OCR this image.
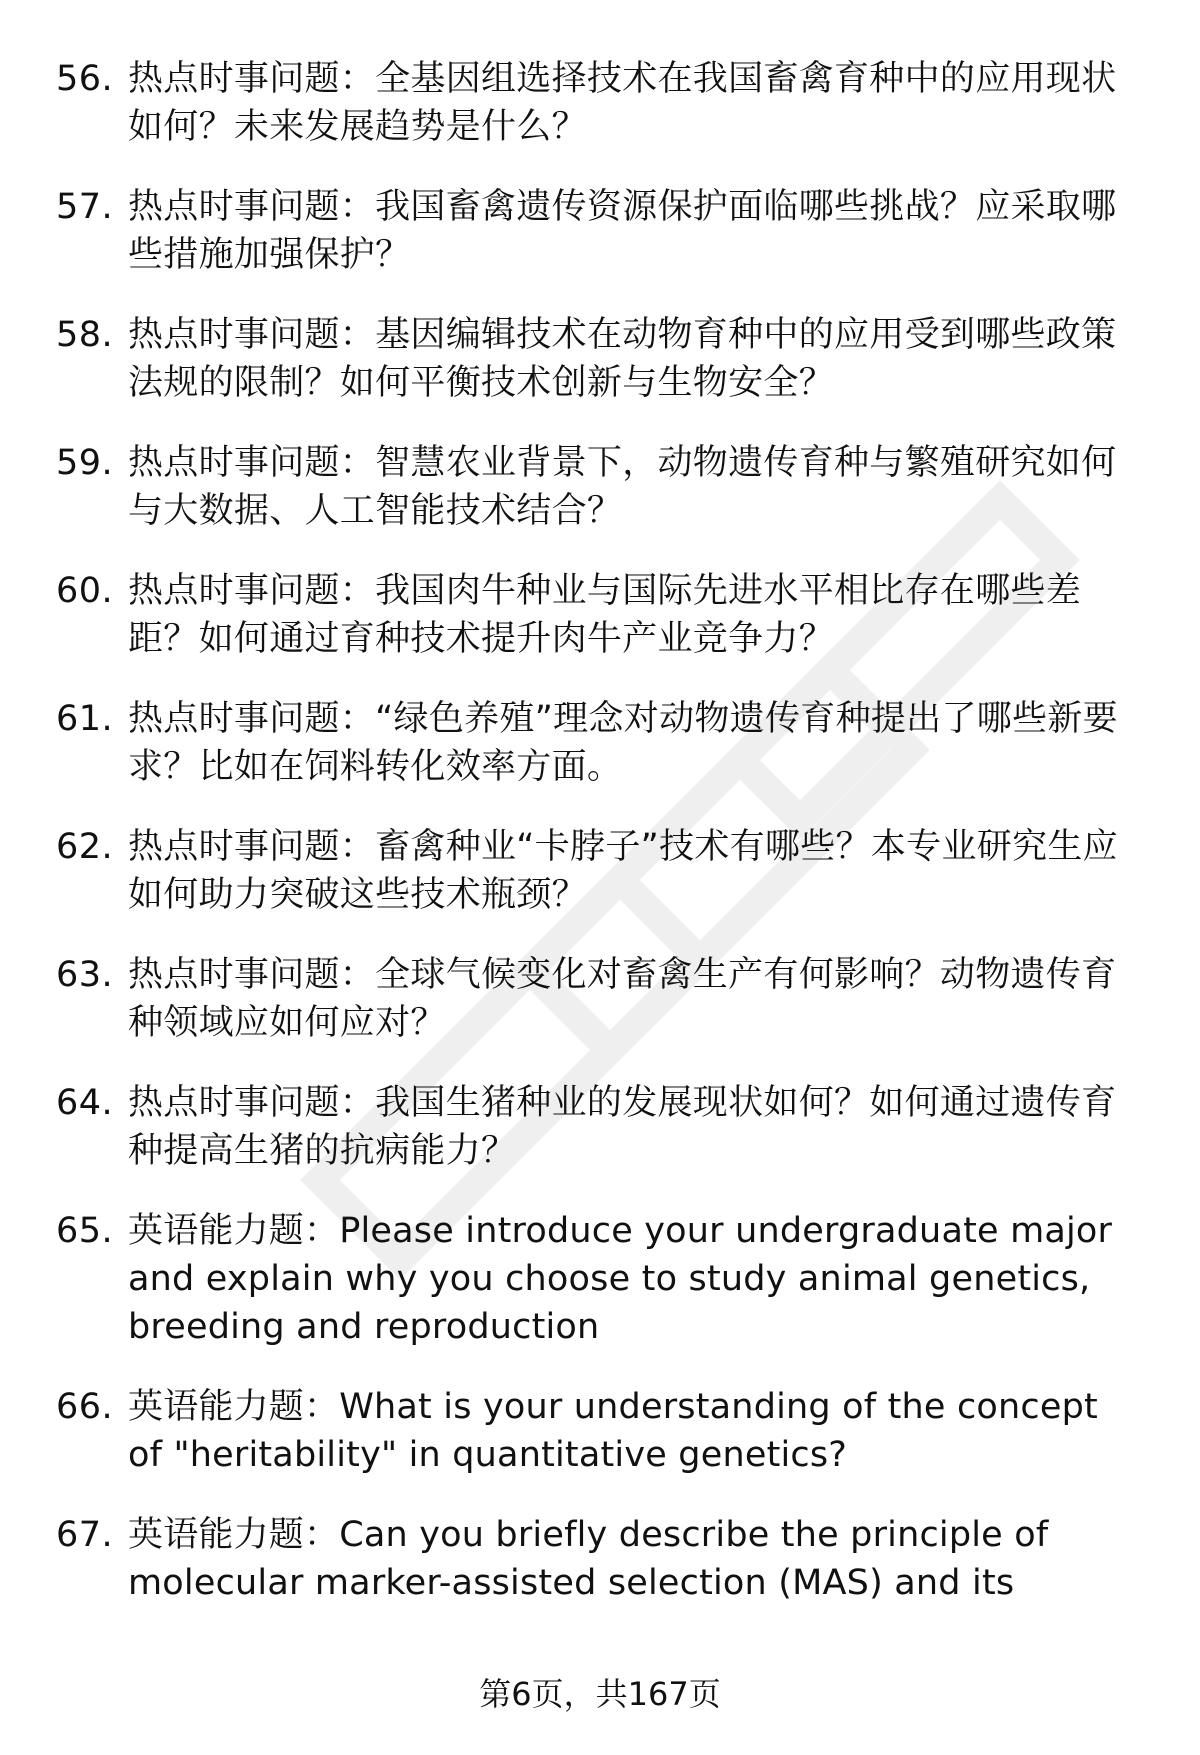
56. 热点时事问题：全基因组选择技术在我国畜禽育种中的应用现状如何？未来发展趋势是什么？
57. 热点时事问题：我国畜禽遗传资源保护面临哪些挑战？应采取哪些措施加强保护？
58. 热点时事问题：基因编辑技术在动物育种中的应用受到哪些政策法规的限制？如何平衡技术创新与生物安全？
59. 热点时事问题：智慧农业背景下，动物遗传育种与繁殖研究如何与大数据、人工智能技术结合？
60. 热点时事问题：我国肉牛种业与国际先进水平相比存在哪些差距？如何通过育种技术提升肉牛产业竞争力？
61. 热点时事问题：“绿色养殖”理念对动物遗传育种提出了哪些新要求？比如在饲料转化效率方面。
62. 热点时事问题：畜禽种业“卡脖子”技术有哪些？本专业研究生应如何助力突破这些技术瓶颈？
63. 热点时事问题：全球气候变化对畜禽生产有何影响？动物遗传育种领域应如何应对？
64. 热点时事问题：我国生猪种业的发展现状如何？如何通过遗传育种提高生猪的抗病能力？
65. 英语能力题：Please introduce your undergraduate major and explain why you choose to study animal genetics, breeding and reproduction
66. 英语能力题：What is your understanding of the concept of "heritability" in quantitative genetics?
67. 英语能力题：Can you briefly describe the principle of molecular marker-assisted selection (MAS) and its
第6页，共167页
